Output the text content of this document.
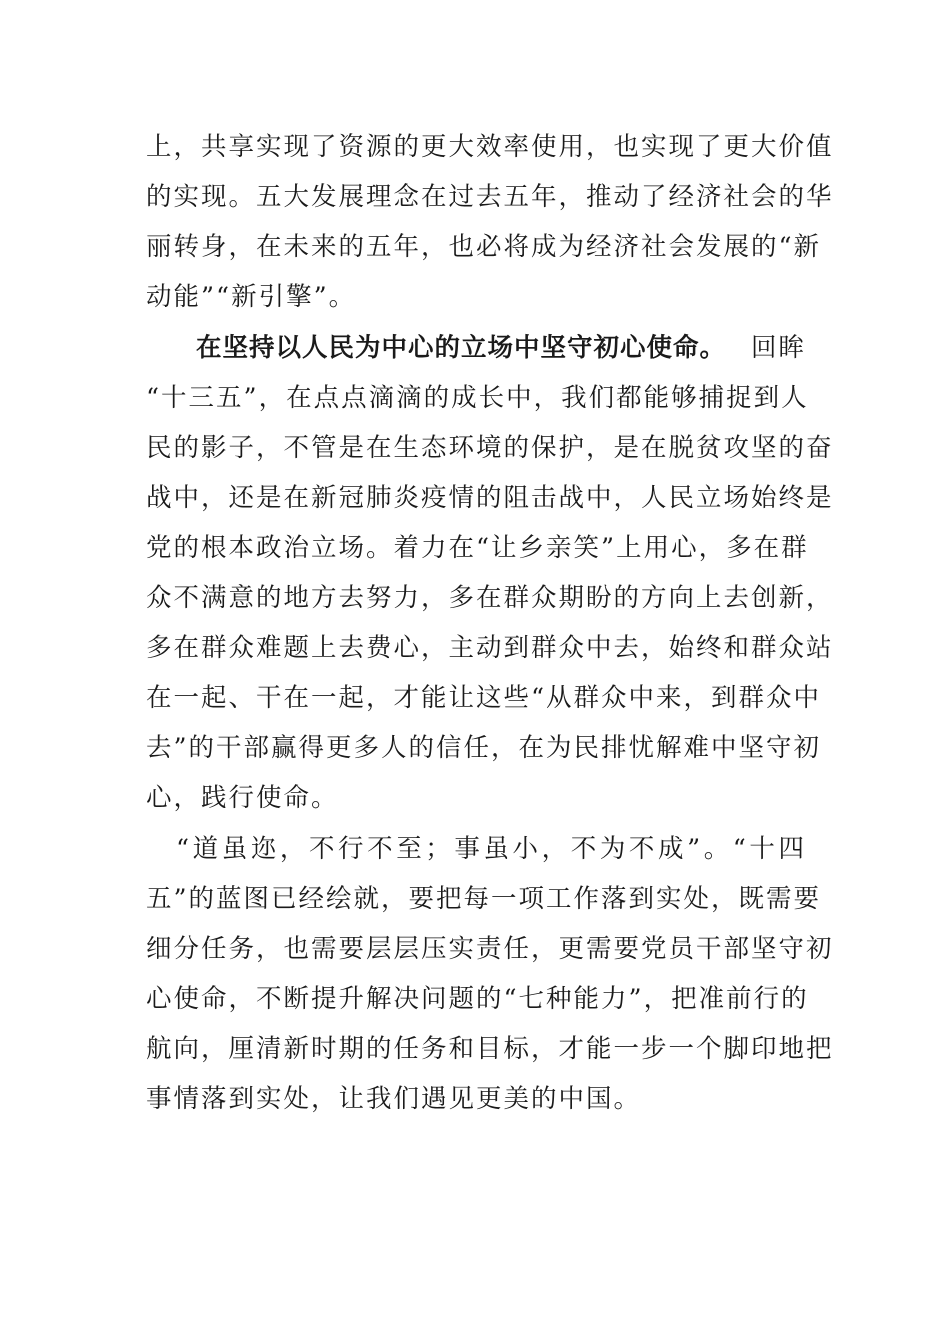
上，共享实现了资源的更大效率使用，也实现了更大价值
的实现。五大发展理念在过去五年，推动了经济社会的华
丽转身，在未来的五年，也必将成为经济社会发展的“新
动能”“新引擎”。
在坚持以人民为中心的立场中坚守初心使命。 回眸
“十三五”，在点点滴滴的成长中，我们都能够捕捉到人
民的影子，不管是在生态环境的保护，是在脱贫攻坚的奋
战中，还是在新冠肺炎疫情的阻击战中，人民立场始终是
党的根本政治立场。着力在“让乡亲笑”上用心，多在群
众不满意的地方去努力，多在群众期盼的方向上去创新，
多在群众难题上去费心，主动到群众中去，始终和群众站
在一起、干在一起，才能让这些“从群众中来，到群众中
去”的干部赢得更多人的信任，在为民排忧解难中坚守初
心，践行使命。
“道虽迩，不行不至；事虽小，不为不成”。“十四
五”的蓝图已经绘就，要把每一项工作落到实处，既需要
细分任务，也需要层层压实责任，更需要党员干部坚守初
心使命，不断提升解决问题的“七种能力”，把准前行的
航向，厘清新时期的任务和目标，才能一步一个脚印地把
事情落到实处，让我们遇见更美的中国。
